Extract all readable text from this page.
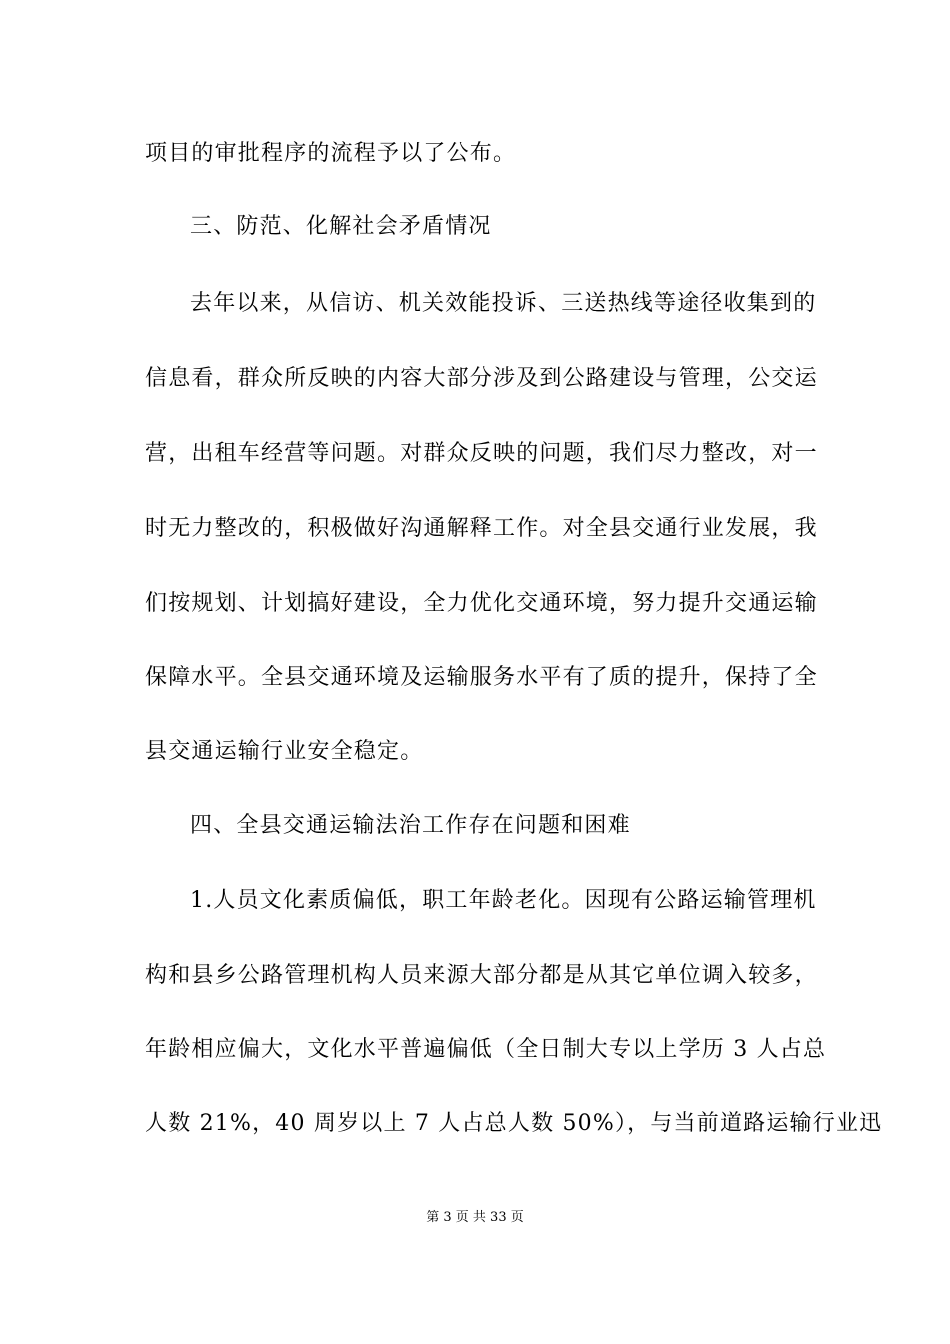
项目的审批程序的流程予以了公布。
三、防范、化解社会矛盾情况
去年以来，从信访、机关效能投诉、三送热线等途径收集到的
信息看，群众所反映的内容大部分涉及到公路建设与管理，公交运
营，出租车经营等问题。对群众反映的问题，我们尽力整改，对一
时无力整改的，积极做好沟通解释工作。对全县交通行业发展，我
们按规划、计划搞好建设，全力优化交通环境，努力提升交通运输
保障水平。全县交通环境及运输服务水平有了质的提升，保持了全
县交通运输行业安全稳定。
四、全县交通运输法治工作存在问题和困难
1.人员文化素质偏低，职工年龄老化。因现有公路运输管理机
构和县乡公路管理机构人员来源大部分都是从其它单位调入较多，
年龄相应偏大，文化水平普遍偏低（全日制大专以上学历 3 人占总
人数 21%，40 周岁以上 7 人占总人数 50%），与当前道路运输行业迅
第 3 页 共 33 页
